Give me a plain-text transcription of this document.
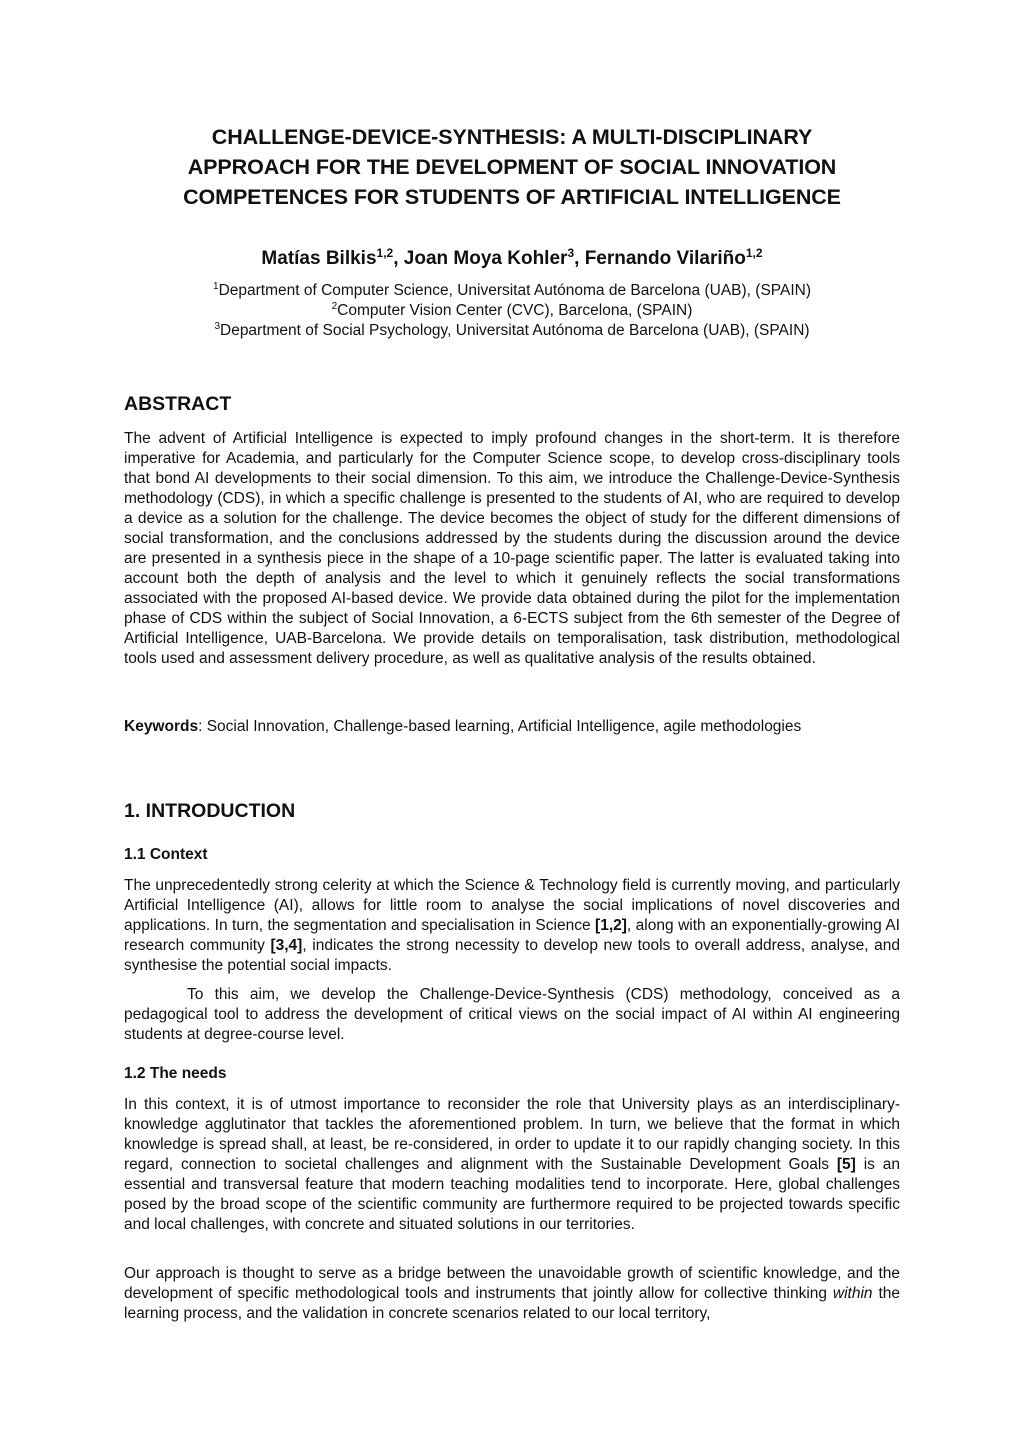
CHALLENGE-DEVICE-SYNTHESIS: A MULTI-DISCIPLINARY
APPROACH FOR THE DEVELOPMENT OF SOCIAL INNOVATION
COMPETENCES FOR STUDENTS OF ARTIFICIAL INTELLIGENCE
Matías Bilkis$^{1,2}$, Joan Moya Kohler$^3$, Fernando Vilariño$^{1,2}$
$^1$Department of Computer Science, Universitat Autónoma de Barcelona (UAB), (SPAIN)
$^2$Computer Vision Center (CVC), Barcelona, (SPAIN)
$^3$Department of Social Psychology, Universitat Autónoma de Barcelona (UAB), (SPAIN)
ABSTRACT

The advent of Artificial Intelligence is expected to imply profound changes in the short-term. It is therefore imperative for Academia, and particularly for the Computer Science scope, to develop cross-disciplinary tools that bond AI developments to their social dimension. To this aim, we introduce the Challenge-Device-Synthesis methodology (CDS), in which a specific challenge is presented to the students of AI, who are required to develop a device as a solution for the challenge. The device becomes the object of study for the different dimensions of social transformation, and the conclusions addressed by the students during the discussion around the device are presented in a synthesis piece in the shape of a 10-page scientific paper. The latter is evaluated taking into account both the depth of analysis and the level to which it genuinely reflects the social transformations associated with the proposed AI-based device. We provide data obtained during the pilot for the implementation phase of CDS within the subject of Social Innovation, a 6-ECTS subject from the 6th semester of the Degree of Artificial Intelligence, UAB-Barcelona. We provide details on temporalisation, task distribution, methodological tools used and assessment delivery procedure, as well as qualitative analysis of the results obtained.

Keywords: Social Innovation, Challenge-based learning, Artificial Intelligence, agile methodologies
1. INTRODUCTION
1.1 Context

The unprecedentedly strong celerity at which the Science & Technology field is currently moving, and particularly Artificial Intelligence (AI), allows for little room to analyse the social implications of novel discoveries and applications. In turn, the segmentation and specialisation in Science [1,2], along with an exponentially-growing AI research community [3,4], indicates the strong necessity to develop new tools to overall address, analyse, and synthesise the potential social impacts.

To this aim, we develop the Challenge-Device-Synthesis (CDS) methodology, conceived as a pedagogical tool to address the development of critical views on the social impact of AI within AI engineering students at degree-course level.

1.2 The needs

In this context, it is of utmost importance to reconsider the role that University plays as an interdisciplinary-knowledge agglutinator that tackles the aforementioned problem. In turn, we believe that the format in which knowledge is spread shall, at least, be re-considered, in order to update it to our rapidly changing society. In this regard, connection to societal challenges and alignment with the Sustainable Development Goals [5] is an essential and transversal feature that modern teaching modalities tend to incorporate. Here, global challenges posed by the broad scope of the scientific community are furthermore required to be projected towards specific and local challenges, with concrete and situated solutions in our territories.

Our approach is thought to serve as a bridge between the unavoidable growth of scientific knowledge, and the development of specific methodological tools and instruments that jointly allow for collective thinking within the learning process, and the validation in concrete scenarios related to our local territory,
